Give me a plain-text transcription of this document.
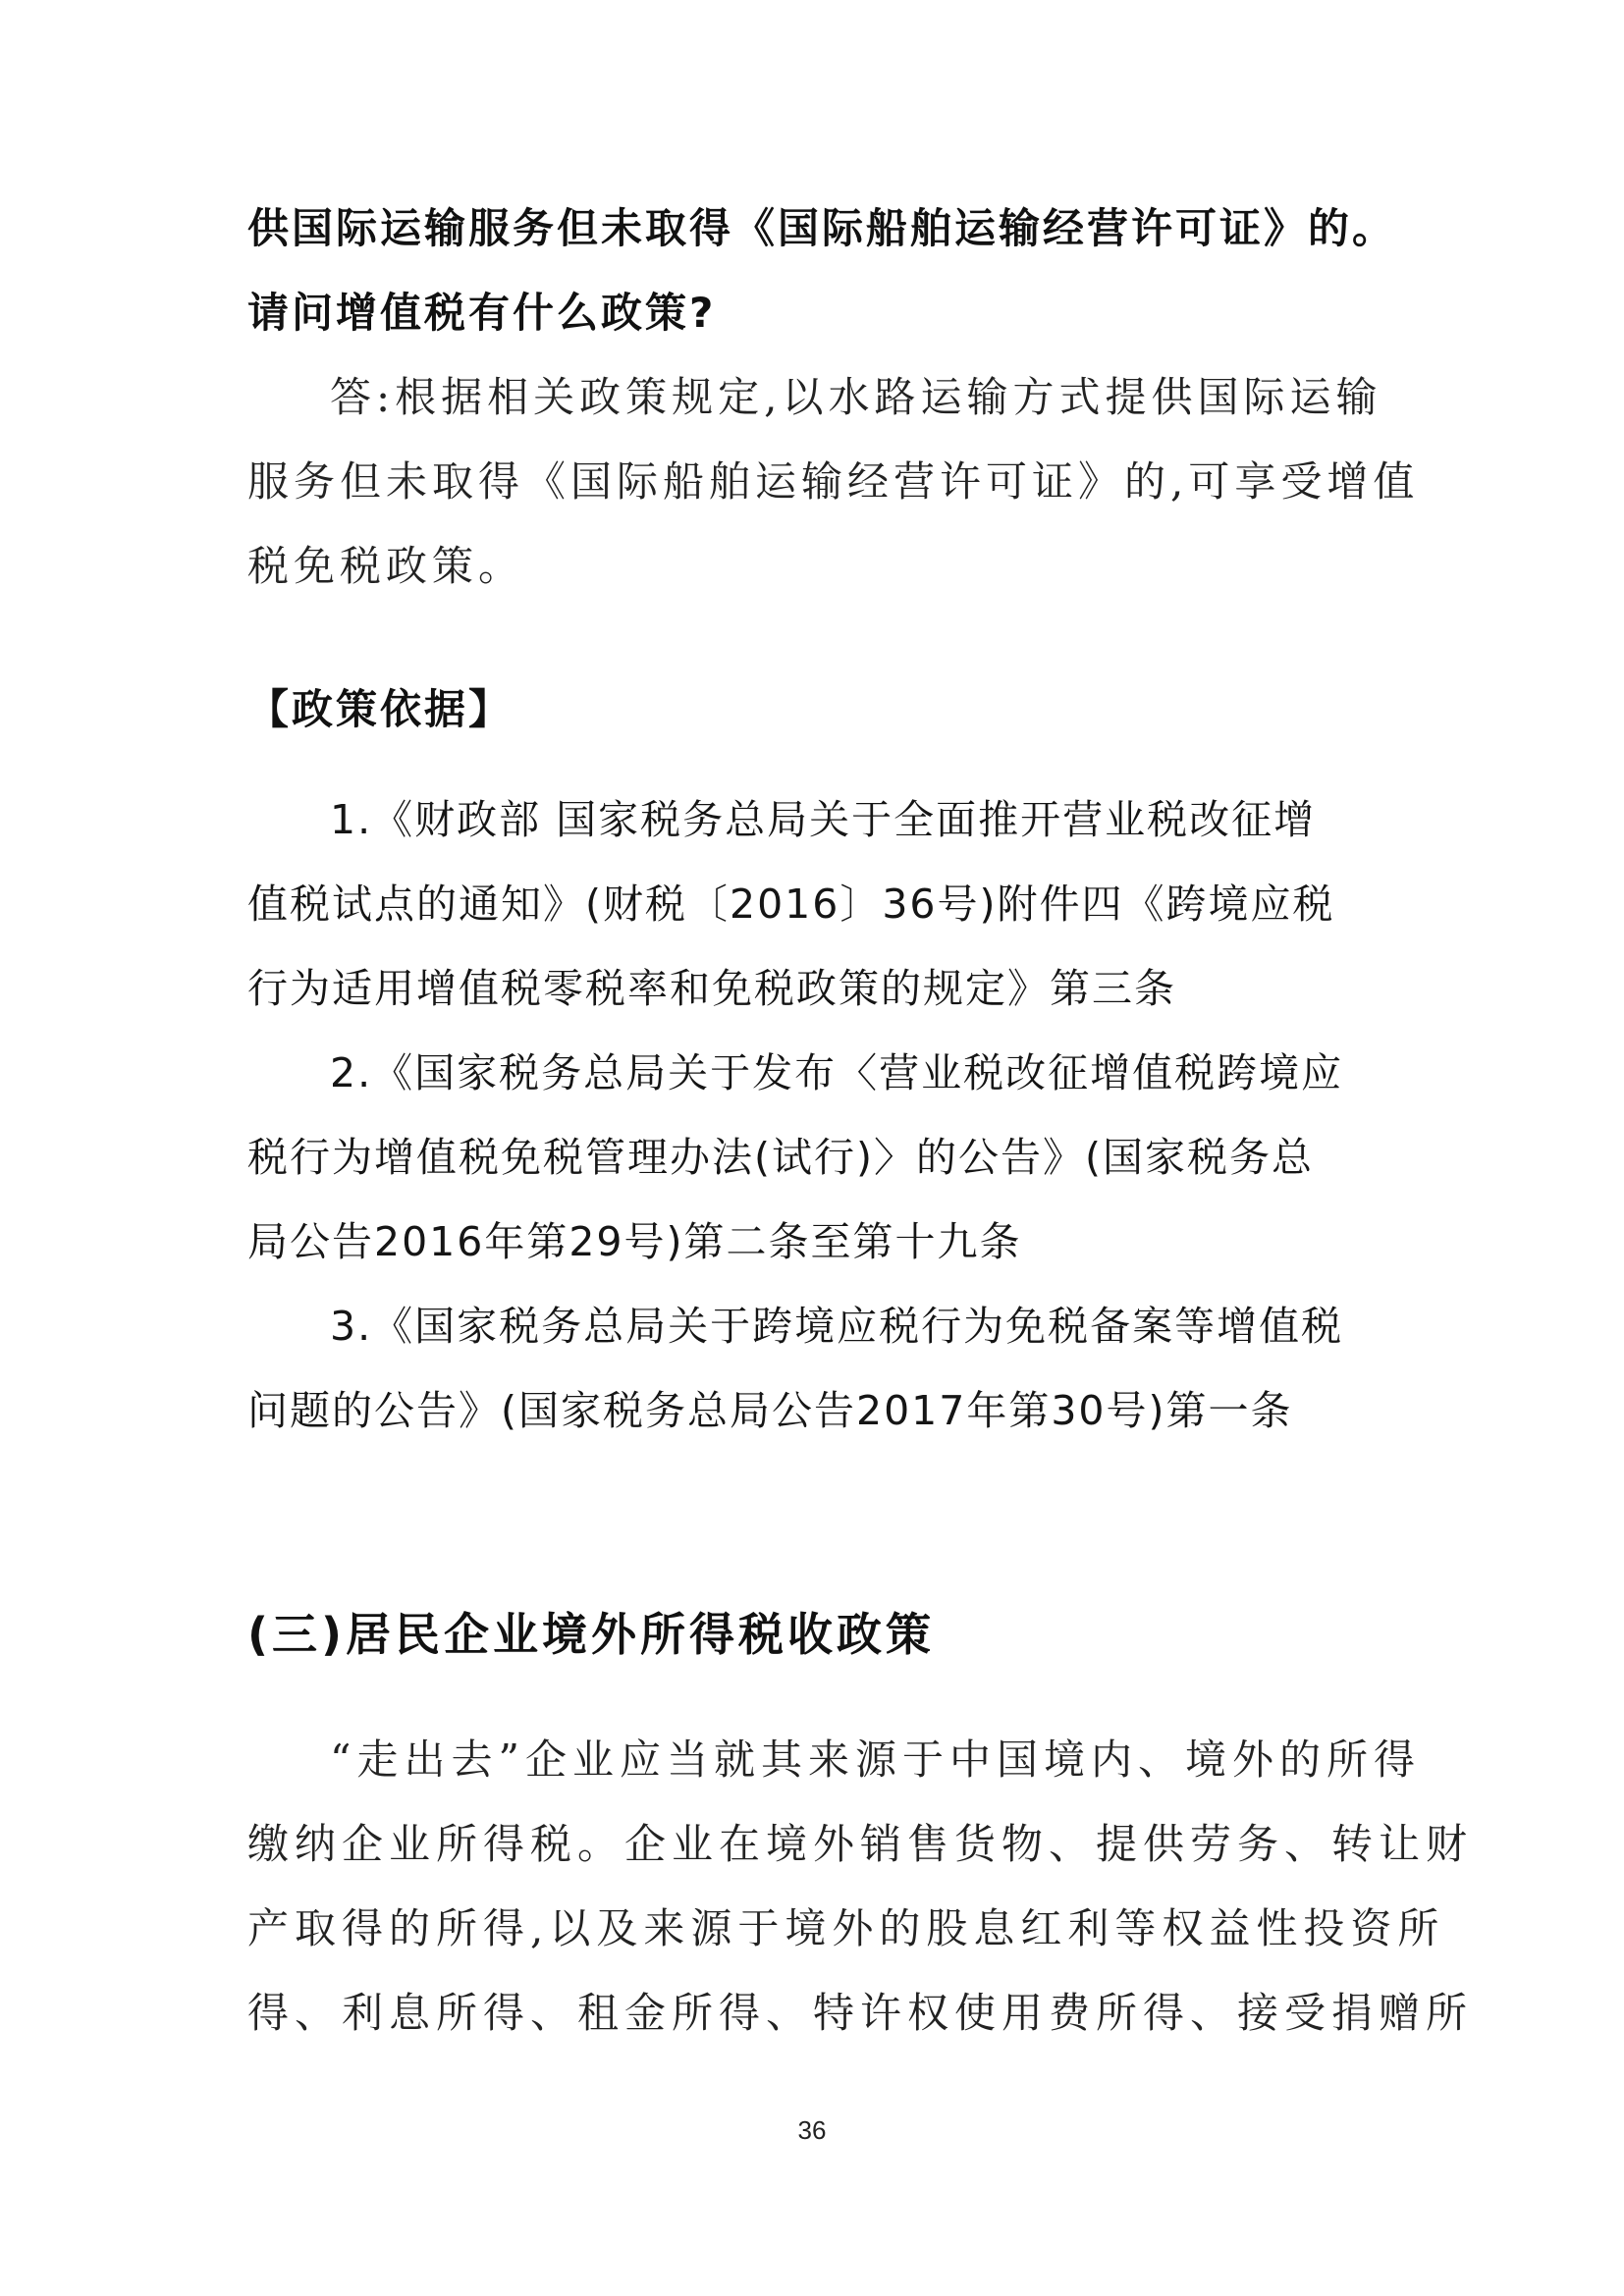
供国际运输服务但未取得《国际船舶运输经营许可证》的。
请问增值税有什么政策?
答:根据相关政策规定,以水路运输方式提供国际运输
服务但未取得《国际船舶运输经营许可证》的,可享受增值
税免税政策。
【政策依据】
1.《财政部 国家税务总局关于全面推开营业税改征增
值税试点的通知》(财税〔2016〕36号)附件四《跨境应税
行为适用增值税零税率和免税政策的规定》第三条
2.《国家税务总局关于发布〈营业税改征增值税跨境应
税行为增值税免税管理办法(试行)〉的公告》(国家税务总
局公告2016年第29号)第二条至第十九条
3.《国家税务总局关于跨境应税行为免税备案等增值税
问题的公告》(国家税务总局公告2017年第30号)第一条
(三)居民企业境外所得税收政策
“走出去”企业应当就其来源于中国境内、境外的所得
缴纳企业所得税。企业在境外销售货物、提供劳务、转让财
产取得的所得,以及来源于境外的股息红利等权益性投资所
得、利息所得、租金所得、特许权使用费所得、接受捐赠所
36
